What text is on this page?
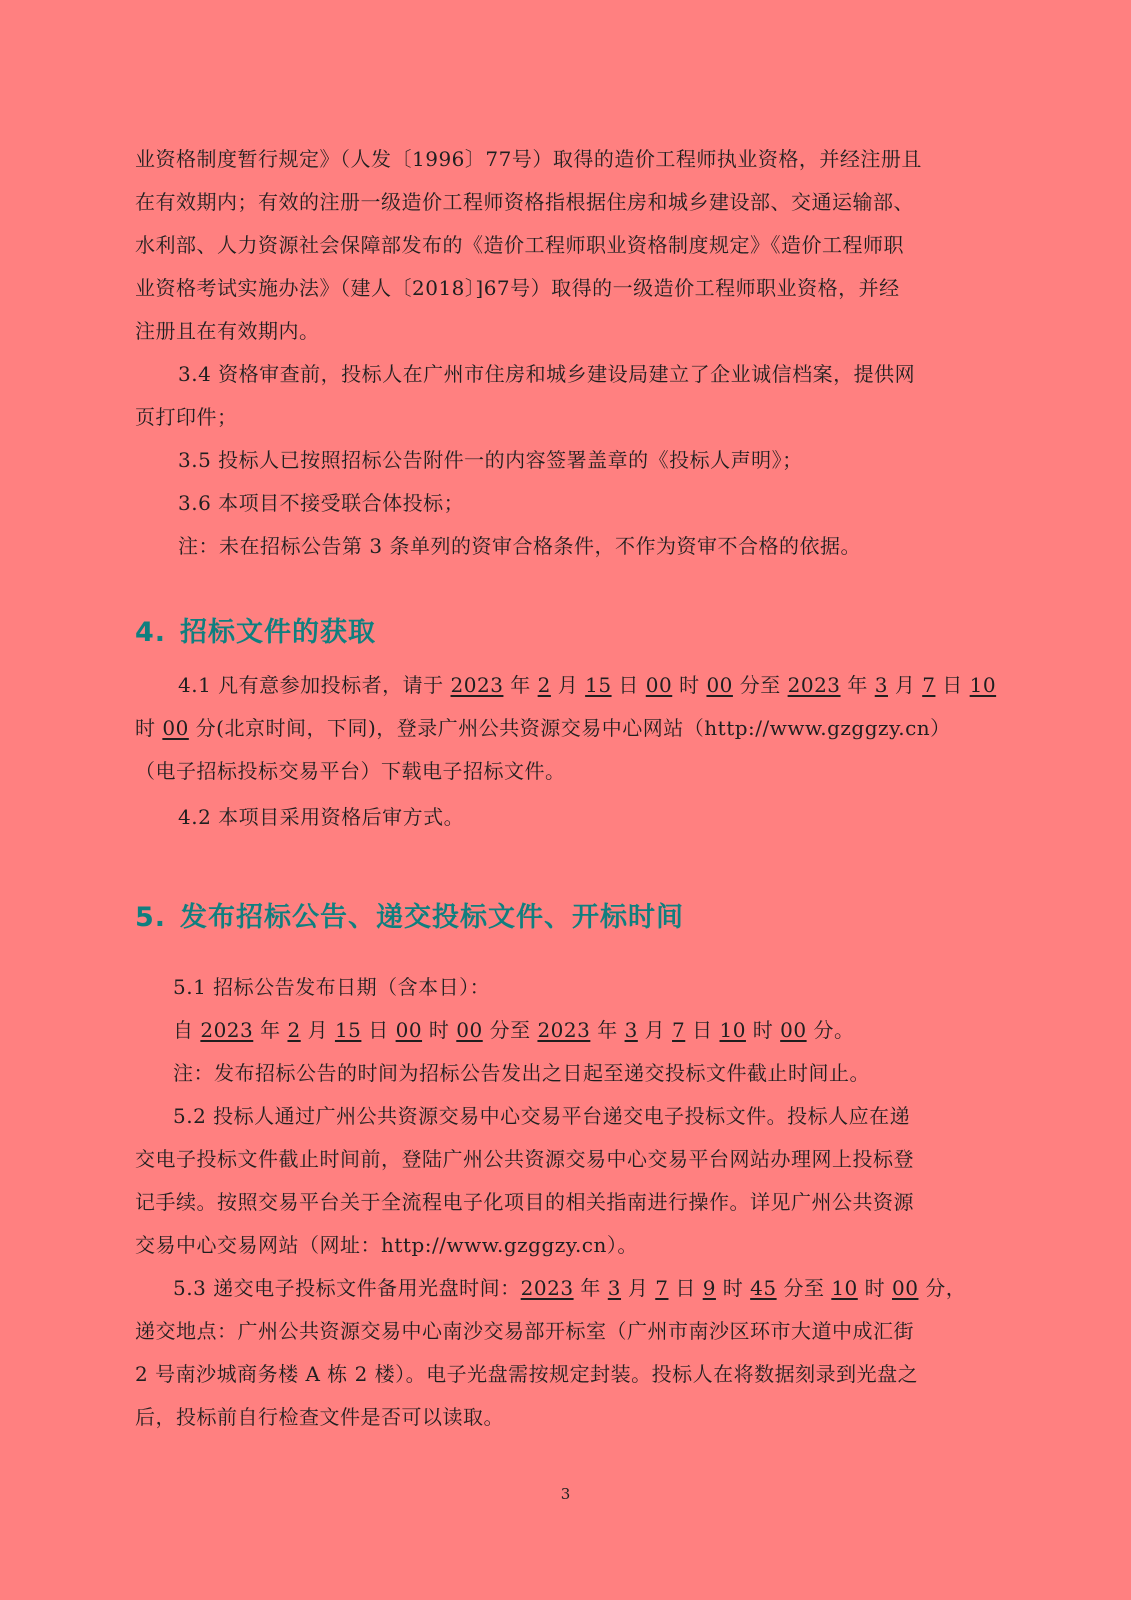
业资格制度暂行规定》（人发〔1996〕77号）取得的造价工程师执业资格，并经注册且
在有效期内；有效的注册一级造价工程师资格指根据住房和城乡建设部、交通运输部、
水利部、人力资源社会保障部发布的《造价工程师职业资格制度规定》《造价工程师职
业资格考试实施办法》（建人〔2018〕]67号）取得的一级造价工程师职业资格，并经
注册且在有效期内。
3.4 资格审查前，投标人在广州市住房和城乡建设局建立了企业诚信档案，提供网
页打印件；
3.5 投标人已按照招标公告附件一的内容签署盖章的《投标人声明》；
3.6 本项目不接受联合体投标；
注：未在招标公告第 3 条单列的资审合格条件，不作为资审不合格的依据。
4. 招标文件的获取
4.1 凡有意参加投标者，请于 2023 年 2 月 15 日 00 时 00 分至 2023 年 3 月 7 日 10
时 00 分(北京时间，下同)，登录广州公共资源交易中心网站（http://www.gzggzy.cn）
（电子招标投标交易平台）下载电子招标文件。
4.2 本项目采用资格后审方式。
5. 发布招标公告、递交投标文件、开标时间
5.1 招标公告发布日期（含本日）：
自 2023 年 2 月 15 日 00 时 00 分至 2023 年 3 月 7 日 10 时 00 分。
注：发布招标公告的时间为招标公告发出之日起至递交投标文件截止时间止。
5.2 投标人通过广州公共资源交易中心交易平台递交电子投标文件。投标人应在递
交电子投标文件截止时间前，登陆广州公共资源交易中心交易平台网站办理网上投标登
记手续。按照交易平台关于全流程电子化项目的相关指南进行操作。详见广州公共资源
交易中心交易网站（网址：http://www.gzggzy.cn）。
5.3 递交电子投标文件备用光盘时间：2023 年 3 月 7 日 9 时 45 分至 10 时 00 分，
递交地点：广州公共资源交易中心南沙交易部开标室（广州市南沙区环市大道中成汇街
2 号南沙城商务楼 A 栋 2 楼）。电子光盘需按规定封装。投标人在将数据刻录到光盘之
后，投标前自行检查文件是否可以读取。
3
